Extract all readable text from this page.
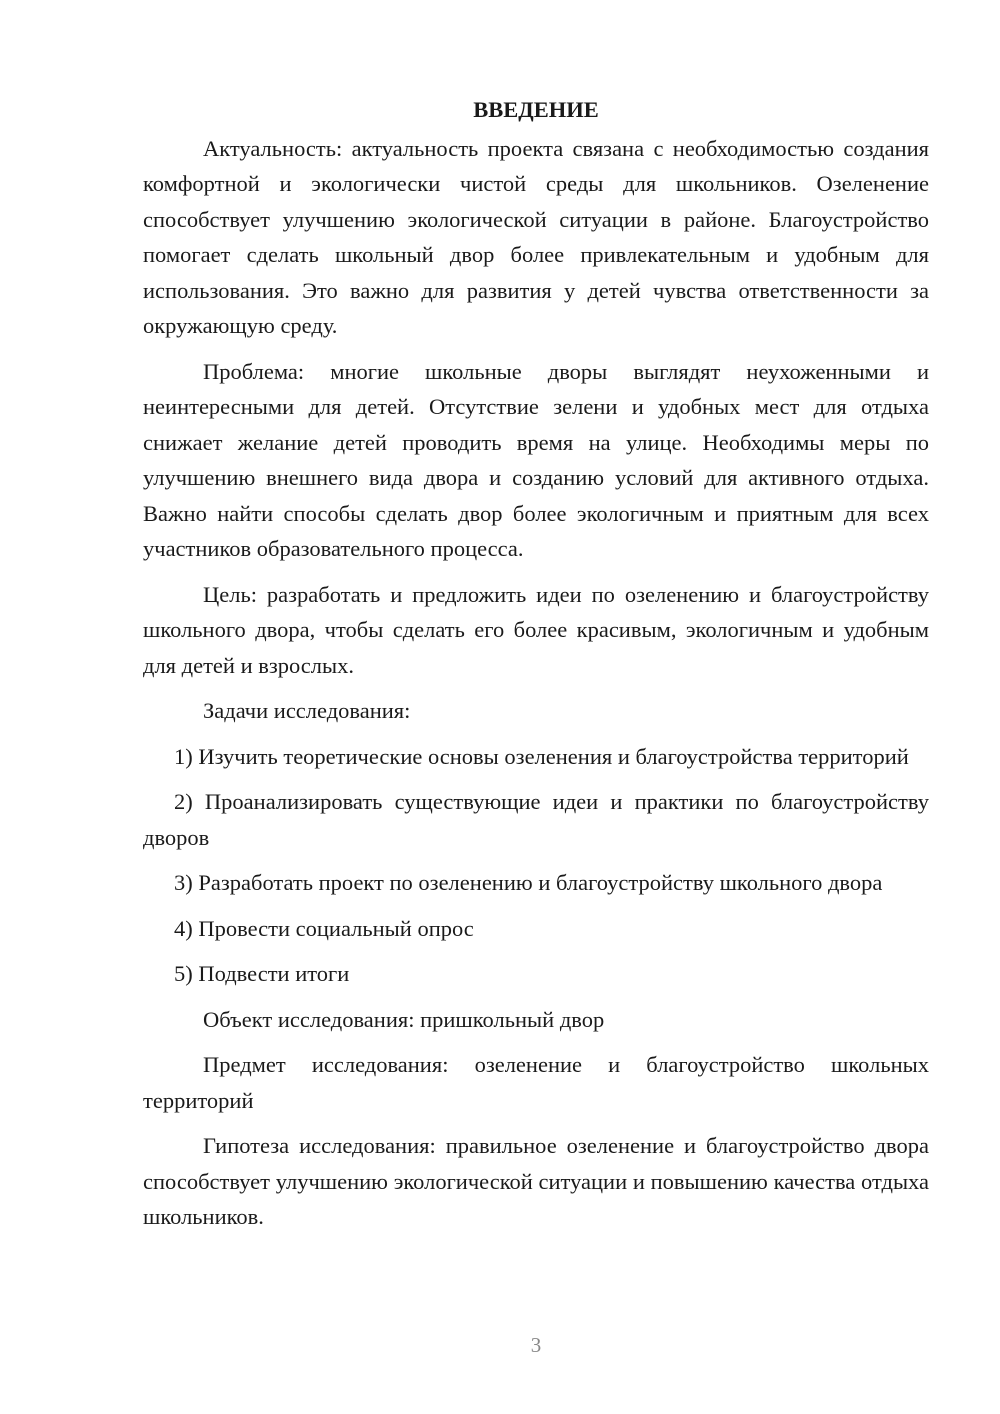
ВВЕДЕНИЕ

Актуальность: актуальность проекта связана с необходимостью создания комфортной и экологически чистой среды для школьников. Озеленение способствует улучшению экологической ситуации в районе. Благоустройство помогает сделать школьный двор более привлекательным и удобным для использования. Это важно для развития у детей чувства ответственности за окружающую среду.

Проблема: многие школьные дворы выглядят неухоженными и неинтересными для детей. Отсутствие зелени и удобных мест для отдыха снижает желание детей проводить время на улице. Необходимы меры по улучшению внешнего вида двора и созданию условий для активного отдыха. Важно найти способы сделать двор более экологичным и приятным для всех участников образовательного процесса.

Цель: разработать и предложить идеи по озеленению и благоустройству школьного двора, чтобы сделать его более красивым, экологичным и удобным для детей и взрослых.

Задачи исследования:

1) Изучить теоретические основы озеленения и благоустройства территорий
2) Проанализировать существующие идеи и практики по благоустройству дворов
3) Разработать проект по озеленению и благоустройству школьного двора
4) Провести социальный опрос
5) Подвести итоги

Объект исследования: пришкольный двор

Предмет исследования: озеленение и благоустройство школьных территорий

Гипотеза исследования: правильное озеленение и благоустройство двора способствует улучшению экологической ситуации и повышению качества отдыха школьников.

3
